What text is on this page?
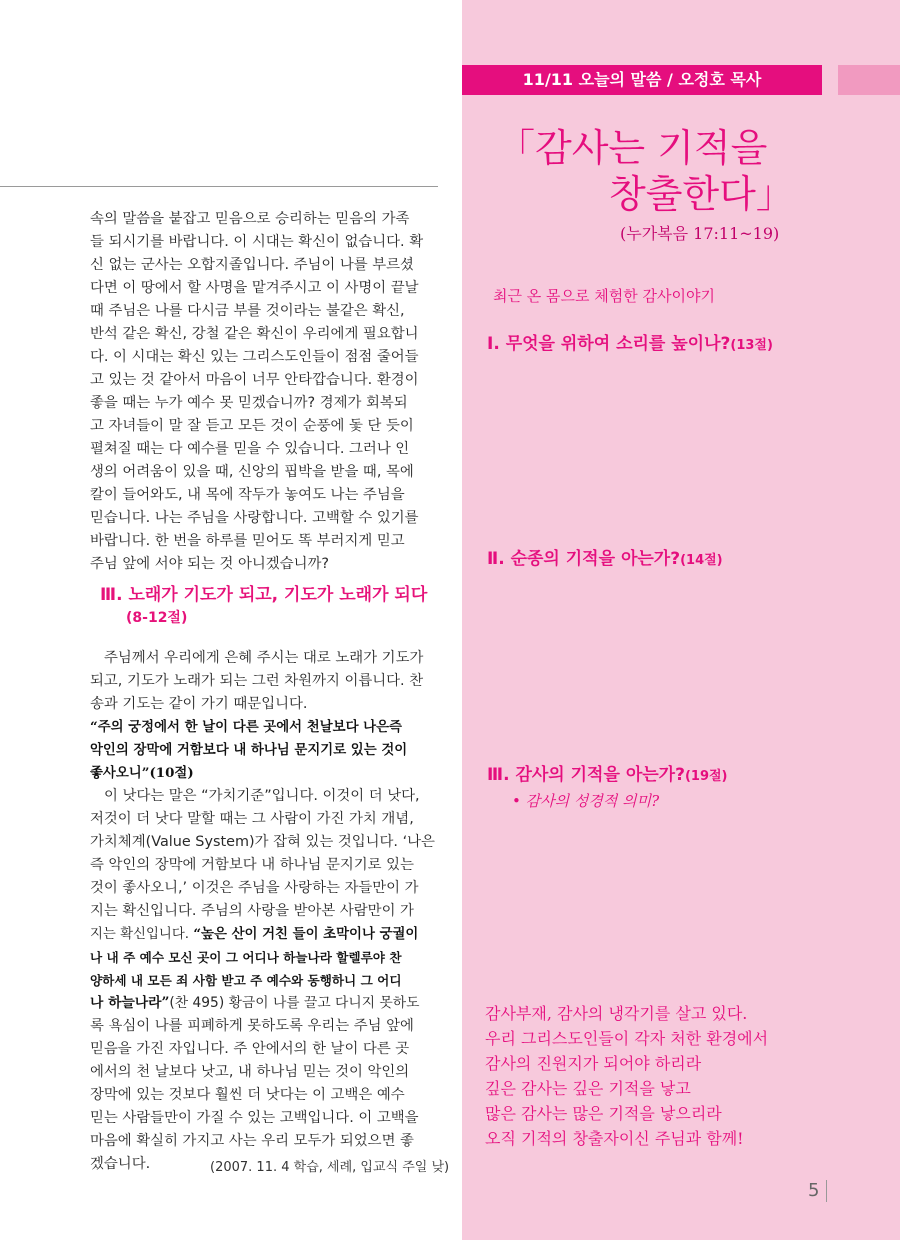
속의 말씀을 붙잡고 믿음으로 승리하는 믿음의 가족

들 되시기를 바랍니다. 이 시대는 확신이 없습니다. 확

신 없는 군사는 오합지졸입니다. 주님이 나를 부르셨

다면 이 땅에서 할 사명을 맡겨주시고 이 사명이 끝날

때 주님은 나를 다시금 부를 것이라는 불같은 확신,

반석 같은 확신, 강철 같은 확신이 우리에게 필요합니

다. 이 시대는 확신 있는 그리스도인들이 점점 줄어들

고 있는 것 같아서 마음이 너무 안타깝습니다. 환경이

좋을 때는 누가 예수 못 믿겠습니까? 경제가 회복되

고 자녀들이 말 잘 듣고 모든 것이 순풍에 돛 단 듯이

펼쳐질 때는 다 예수를 믿을 수 있습니다. 그러나 인

생의 어려움이 있을 때, 신앙의 핍박을 받을 때, 목에

칼이 들어와도, 내 목에 작두가 놓여도 나는 주님을

믿습니다. 나는 주님을 사랑합니다. 고백할 수 있기를

바랍니다. 한 번을 하루를 믿어도 똑 부러지게 믿고

주님 앞에 서야 되는 것 아니겠습니까?

Ⅲ. 노래가 기도가 되고, 기도가 노래가 되다
(8-12절)

주님께서 우리에게 은혜 주시는 대로 노래가 기도가

되고, 기도가 노래가 되는 그런 차원까지 이릅니다. 찬

송과 기도는 같이 가기 때문입니다.

“주의 궁정에서 한 날이 다른 곳에서 천날보다 나은즉

악인의 장막에 거함보다 내 하나님 문지기로 있는 것이

좋사오니”(10절)

이 낫다는 말은 “가치기준”입니다. 이것이 더 낫다,

저것이 더 낫다 말할 때는 그 사람이 가진 가치 개념,

가치체계(Value System)가 잡혀 있는 것입니다. ‘나은

즉 악인의 장막에 거함보다 내 하나님 문지기로 있는

것이 좋사오니,’ 이것은 주님을 사랑하는 자들만이 가

지는 확신입니다. 주님의 사랑을 받아본 사람만이 가

지는 확신입니다. “높은 산이 거친 들이 초막이나 궁궐이

나 내 주 예수 모신 곳이 그 어디나 하늘나라 할렐루야 찬

양하세 내 모든 죄 사함 받고 주 예수와 동행하니 그 어디

나 하늘나라”(찬 495) 황금이 나를 끌고 다니지 못하도

록 욕심이 나를 피폐하게 못하도록 우리는 주님 앞에

믿음을 가진 자입니다. 주 안에서의 한 날이 다른 곳

에서의 천 날보다 낫고, 내 하나님 믿는 것이 악인의

장막에 있는 것보다 훨씬 더 낫다는 이 고백은 예수

믿는 사람들만이 가질 수 있는 고백입니다. 이 고백을

마음에 확실히 가지고 사는 우리 모두가 되었으면 좋

겠습니다.	(2007. 11. 4 학습, 세례, 입교식 주일 낮)
11/11 오늘의 말씀 / 오정호 목사
「감사는 기적을
창출한다」
(누가복음 17:11~19)
최근 온 몸으로 체험한 감사이야기
Ⅰ. 무엇을 위하여 소리를 높이나?(13절)
Ⅱ. 순종의 기적을 아는가?(14절)
Ⅲ. 감사의 기적을 아는가?(19절)
• 감사의 성경적 의미?
감사부재, 감사의 냉각기를 살고 있다.
우리 그리스도인들이 각자 처한 환경에서
감사의 진원지가 되어야 하리라
깊은 감사는 깊은 기적을 낳고
많은 감사는 많은 기적을 낳으리라
오직 기적의 창출자이신 주님과 함께!
5
